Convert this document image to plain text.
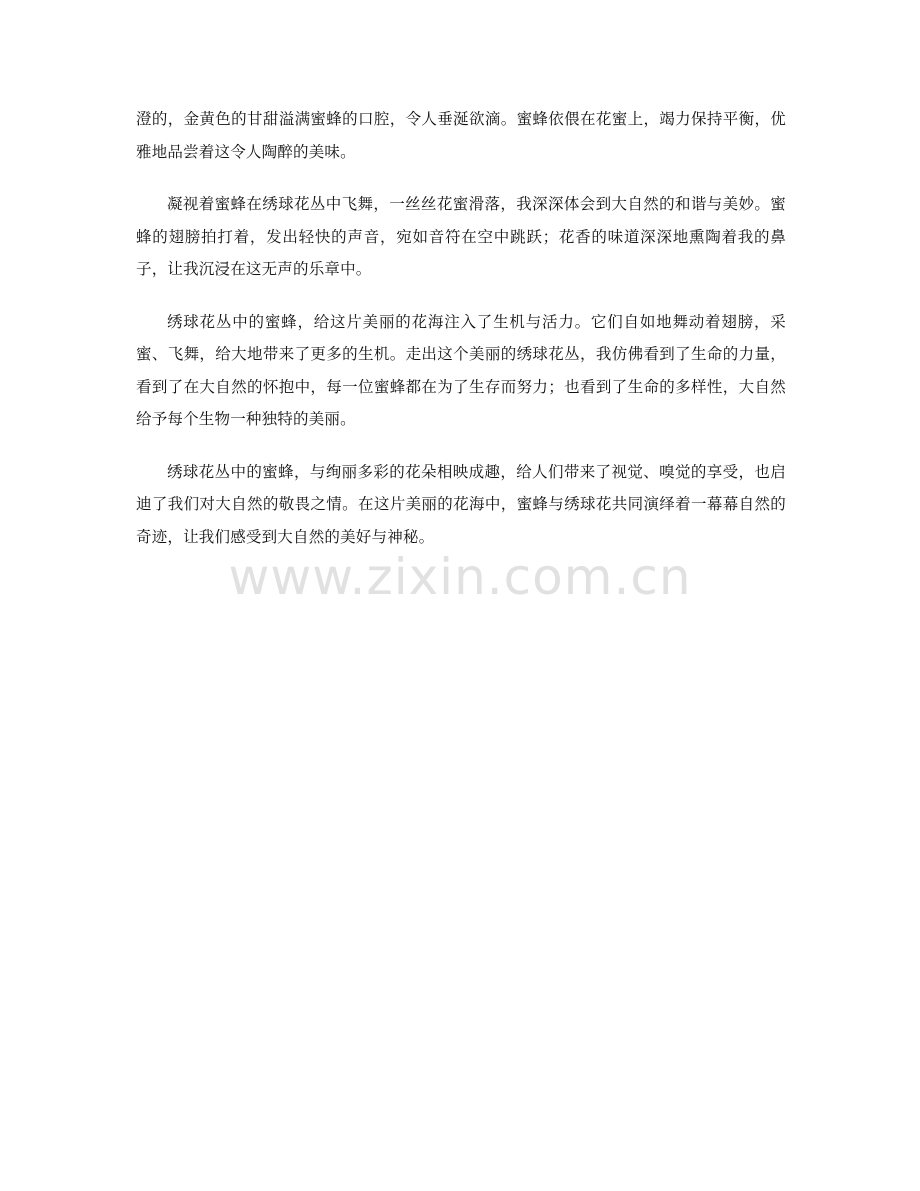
澄的，金黄色的甘甜溢满蜜蜂的口腔，令人垂涎欲滴。蜜蜂依偎在花蜜上，竭力保持平衡，优雅地品尝着这令人陶醉的美味。

凝视着蜜蜂在绣球花丛中飞舞，一丝丝花蜜滑落，我深深体会到大自然的和谐与美妙。蜜蜂的翅膀拍打着，发出轻快的声音，宛如音符在空中跳跃；花香的味道深深地熏陶着我的鼻子，让我沉浸在这无声的乐章中。

绣球花丛中的蜜蜂，给这片美丽的花海注入了生机与活力。它们自如地舞动着翅膀，采蜜、飞舞，给大地带来了更多的生机。走出这个美丽的绣球花丛，我仿佛看到了生命的力量，看到了在大自然的怀抱中，每一位蜜蜂都在为了生存而努力；也看到了生命的多样性，大自然给予每个生物一种独特的美丽。

绣球花丛中的蜜蜂，与绚丽多彩的花朵相映成趣，给人们带来了视觉、嗅觉的享受，也启迪了我们对大自然的敬畏之情。在这片美丽的花海中，蜜蜂与绣球花共同演绎着一幕幕自然的奇迹，让我们感受到大自然的美好与神秘。

www.zixin.com.cn
